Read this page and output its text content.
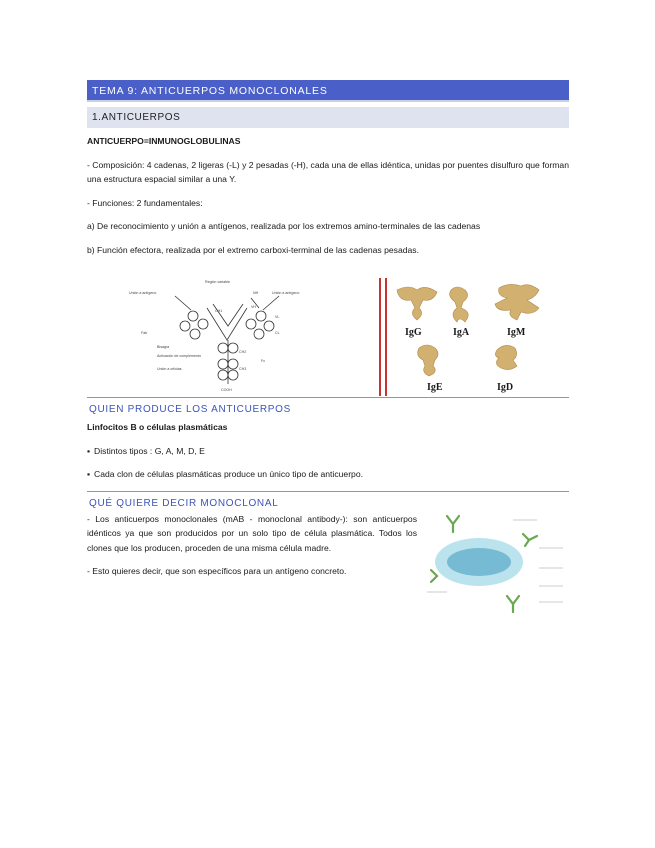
TEMA 9: ANTICUERPOS MONOCLONALES
1.ANTICUERPOS

ANTICUERPO=INMUNOGLOBULINAS

- Composición: 4 cadenas, 2 ligeras (-L) y 2 pesadas (-H), cada una de ellas idéntica, unidas por puentes disulfuro que forman una estructura espacial similar a una Y.

- Funciones: 2 fundamentales:

a) De reconocimiento y unión a antígenos, realizada por los extremos amino-terminales de las cadenas

b) Función efectora, realizada por el extremo carboxi-terminal de las cadenas pesadas.

Región variable
Unión a antígeno	Unión a antígeno
NH
VH
VL
CH1
CL
Fab
Bisagra
Activación de complemento
Unión a células
CH2
CH3
Fc
COOH
IgG	IgA	IgM
IgE	IgD
QUIEN PRODUCE LOS ANTICUERPOS

Linfocitos B o células plasmáticas

▪ Distintos tipos : G, A, M, D, E

▪ Cada clon de células plasmáticas produce un único tipo de anticuerpo.

QUÉ QUIERE DECIR MONOCLONAL

- Los anticuerpos monoclonales (mAB - monoclonal antibody-): son anticuerpos idénticos ya que son producidos por un solo tipo de célula plasmática. Todos los clones que los producen, proceden de una misma célula madre.

- Esto quieres decir, que son específicos para un antígeno concreto.
